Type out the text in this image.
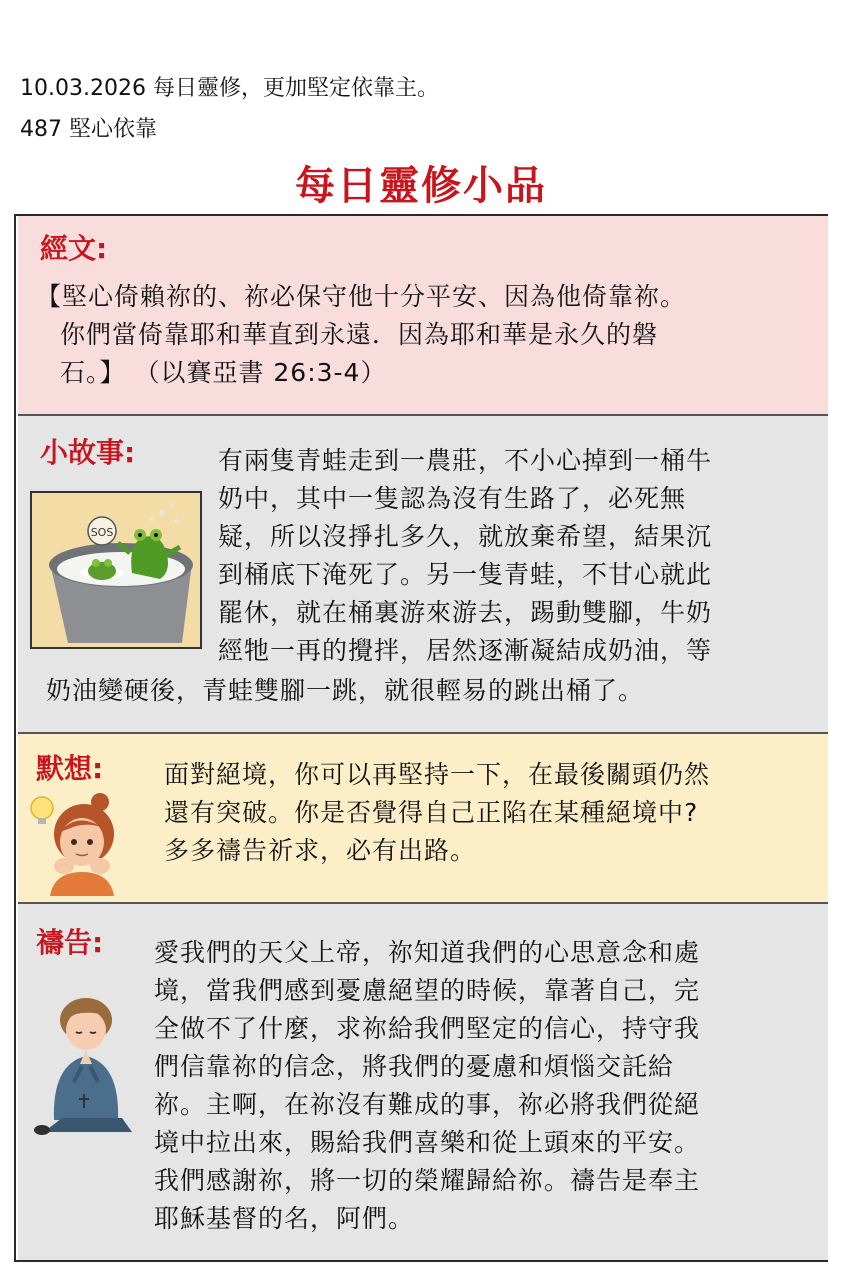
10.03.2026 每日靈修，更加堅定依靠主。
487 堅心依靠
每日靈修小品
經文:
【堅心倚賴祢的、祢必保守他十分平安、因為他倚靠祢。
你們當倚靠耶和華直到永遠．因為耶和華是永久的磐
石。】 （以賽亞書 26:3-4）
小故事:
SOS
有兩隻青蛙走到一農莊，不小心掉到一桶牛
奶中，其中一隻認為沒有生路了，必死無
疑，所以沒掙扎多久，就放棄希望，結果沉
到桶底下淹死了。另一隻青蛙，不甘心就此
罷休，就在桶裏游來游去，踢動雙腳，牛奶
經牠一再的攪拌，居然逐漸凝結成奶油，等
奶油變硬後，青蛙雙腳一跳，就很輕易的跳出桶了。
默想: 面對絕境，你可以再堅持一下，在最後關頭仍然
還有突破。你是否覺得自己正陷在某種絕境中?
多多禱告祈求，必有出路。
禱告: 愛我們的天父上帝，祢知道我們的心思意念和處
境，當我們感到憂慮絕望的時候，靠著自己，完
全做不了什麼，求祢給我們堅定的信心，持守我
們信靠祢的信念，將我們的憂慮和煩惱交託給
祢。主啊，在祢沒有難成的事，祢必將我們從絕
境中拉出來，賜給我們喜樂和從上頭來的平安。
我們感謝祢，將一切的榮耀歸給祢。禱告是奉主
耶穌基督的名，阿們。
